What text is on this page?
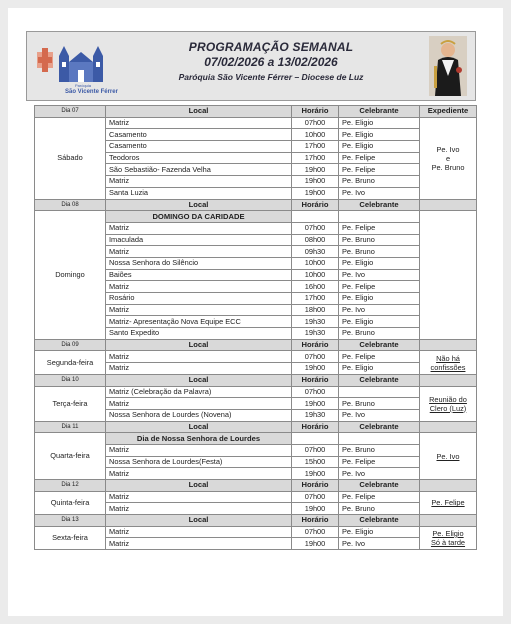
Paróquia
São Vicente Férrer
PROGRAMAÇÃO SEMANAL
07/02/2026 a 13/02/2026
Paróquia São Vicente Férrer – Diocese de Luz
Dia 07	Local	Horário	Celebrante	Expediente
Sábado	Matriz	07h00	Pe. Eligio	Pe. Ivo
e
Pe. Bruno

	Casamento	10h00	Pe. Eligio	
	Casamento	17h00	Pe. Eligio	
	Teodoros	17h00	Pe. Felipe	
	São Sebastião- Fazenda Velha	19h00	Pe. Felipe	
	Matriz	19h00	Pe. Bruno	
	Santa Luzia	19h00	Pe. Ivo	
Dia 08	Local	Horário	Celebrante	
Domingo	DOMINGO DA CARIDADE			
	Matriz	07h00	Pe. Felipe	
	Imaculada	08h00	Pe. Bruno	
	Matriz	09h30	Pe. Bruno	
	Nossa Senhora do Silêncio	10h00	Pe. Eligio	
	Baiões	10h00	Pe. Ivo	
	Matriz	16h00	Pe. Felipe	
	Rosário	17h00	Pe. Eligio	
	Matriz	18h00	Pe. Ivo	
	Matriz- Apresentação Nova Equipe ECC	19h30	Pe. Eligio	
	Santo Expedito	19h30	Pe. Bruno	
Dia 09	Local	Horário	Celebrante	
Segunda-feira	Matriz	07h00	Pe. Felipe	Não há
confissões

	Matriz	19h00	Pe. Eligio	
Dia 10	Local	Horário	Celebrante	
Terça-feira	Matriz (Celebração da Palavra)	07h00		Reunião do
Clero (Luz)

	Matriz	19h00	Pe. Bruno	
	Nossa Senhora de Lourdes (Novena)	19h30	Pe. Ivo	
Dia 11	Local	Horário	Celebrante	
Quarta-feira	Dia de Nossa Senhora de Lourdes			Pe. Ivo

	Matriz	07h00	Pe. Bruno	
	Nossa Senhora de Lourdes(Festa)	15h00	Pe. Felipe	
	Matriz	19h00	Pe. Ivo	
Dia 12	Local	Horário	Celebrante	
Quinta-feira	Matriz	07h00	Pe. Felipe	Pe. Felipe

	Matriz	19h00	Pe. Bruno	
Dia 13	Local	Horário	Celebrante	
Sexta-feira	Matriz	07h00	Pe. Eligio	Pe. Eligio
Só à tarde

	Matriz	19h00	Pe. Ivo	
